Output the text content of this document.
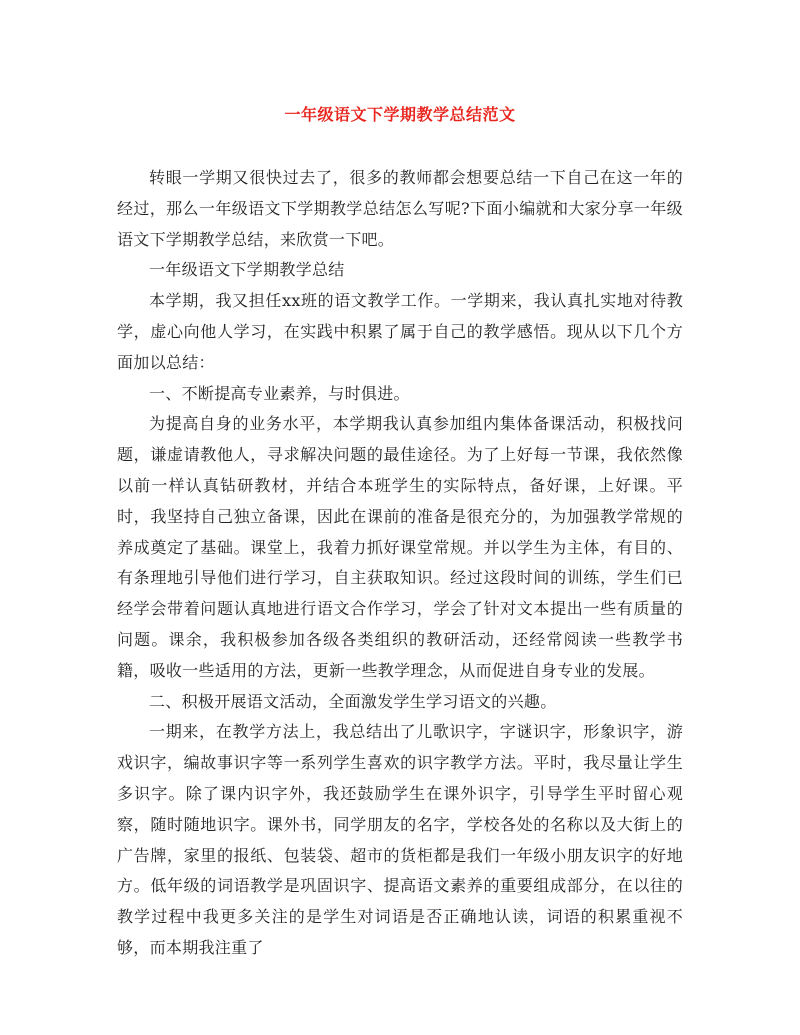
一年级语文下学期教学总结范文

转眼一学期又很快过去了，很多的教师都会想要总结一下自己在这一年的经过，那么一年级语文下学期教学总结怎么写呢?下面小编就和大家分享一年级语文下学期教学总结，来欣赏一下吧。

一年级语文下学期教学总结

本学期，我又担任xx班的语文教学工作。一学期来，我认真扎实地对待教学，虚心向他人学习，在实践中积累了属于自己的教学感悟。现从以下几个方面加以总结：

一、不断提高专业素养，与时俱进。

为提高自身的业务水平，本学期我认真参加组内集体备课活动，积极找问题，谦虚请教他人，寻求解决问题的最佳途径。为了上好每一节课，我依然像以前一样认真钻研教材，并结合本班学生的实际特点，备好课，上好课。平时，我坚持自己独立备课，因此在课前的准备是很充分的，为加强教学常规的养成奠定了基础。课堂上，我着力抓好课堂常规。并以学生为主体，有目的、有条理地引导他们进行学习，自主获取知识。经过这段时间的训练，学生们已经学会带着问题认真地进行语文合作学习，学会了针对文本提出一些有质量的问题。课余，我积极参加各级各类组织的教研活动，还经常阅读一些教学书籍，吸收一些适用的方法，更新一些教学理念，从而促进自身专业的发展。

二、积极开展语文活动，全面激发学生学习语文的兴趣。

一期来，在教学方法上，我总结出了儿歌识字，字谜识字，形象识字，游戏识字，编故事识字等一系列学生喜欢的识字教学方法。平时，我尽量让学生多识字。除了课内识字外，我还鼓励学生在课外识字，引导学生平时留心观察，随时随地识字。课外书，同学朋友的名字，学校各处的名称以及大街上的广告牌，家里的报纸、包装袋、超市的货柜都是我们一年级小朋友识字的好地方。低年级的词语教学是巩固识字、提高语文素养的重要组成部分，在以往的教学过程中我更多关注的是学生对词语是否正确地认读，词语的积累重视不够，而本期我注重了
